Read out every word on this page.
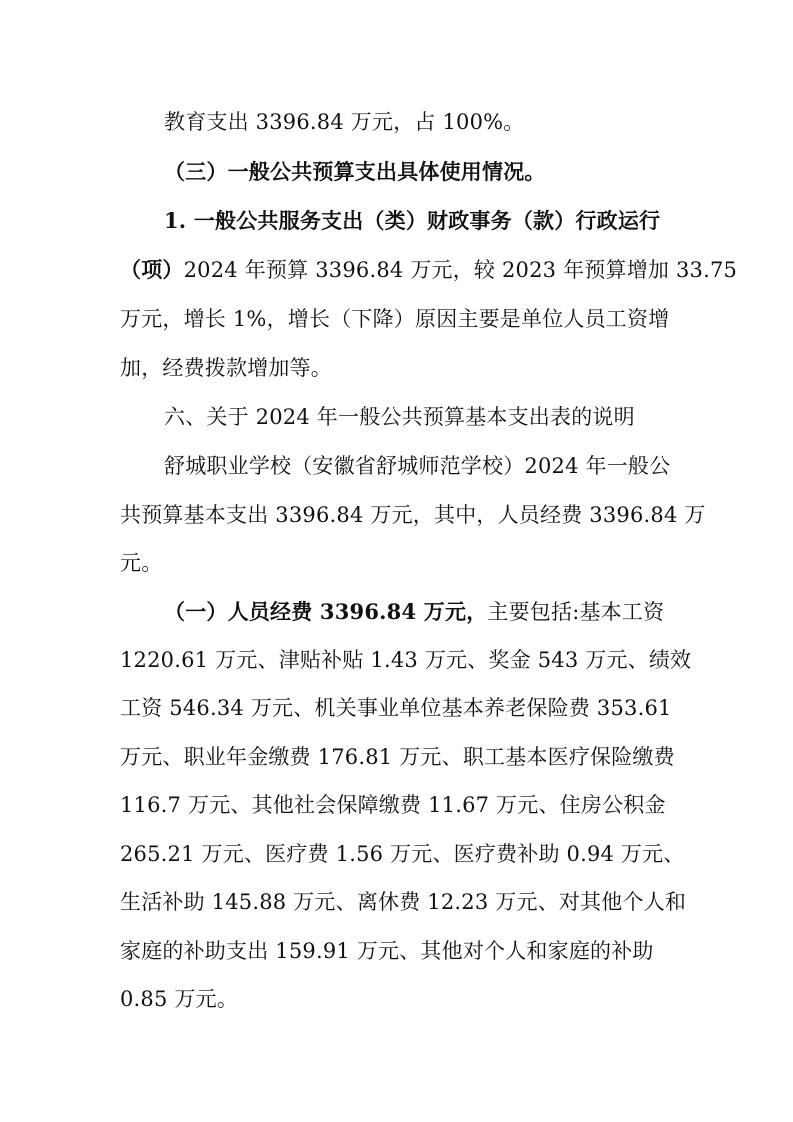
教育支出 3396.84 万元，占 100%。
（三）一般公共预算支出具体使用情况。
1. 一般公共服务支出（类）财政事务（款）行政运行
（项）2024 年预算 3396.84 万元，较 2023 年预算增加 33.75
万元，增长 1%，增长（下降）原因主要是单位人员工资增
加，经费拨款增加等。
六、关于 2024 年一般公共预算基本支出表的说明
舒城职业学校（安徽省舒城师范学校）2024 年一般公
共预算基本支出 3396.84 万元，其中，人员经费 3396.84 万
元。
（一）人员经费 3396.84 万元，主要包括:基本工资
1220.61 万元、津贴补贴 1.43 万元、奖金 543 万元、绩效
工资 546.34 万元、机关事业单位基本养老保险费 353.61
万元、职业年金缴费 176.81 万元、职工基本医疗保险缴费
116.7 万元、其他社会保障缴费 11.67 万元、住房公积金
265.21 万元、医疗费 1.56 万元、医疗费补助 0.94 万元、
生活补助 145.88 万元、离休费 12.23 万元、对其他个人和
家庭的补助支出 159.91 万元、其他对个人和家庭的补助
0.85 万元。
